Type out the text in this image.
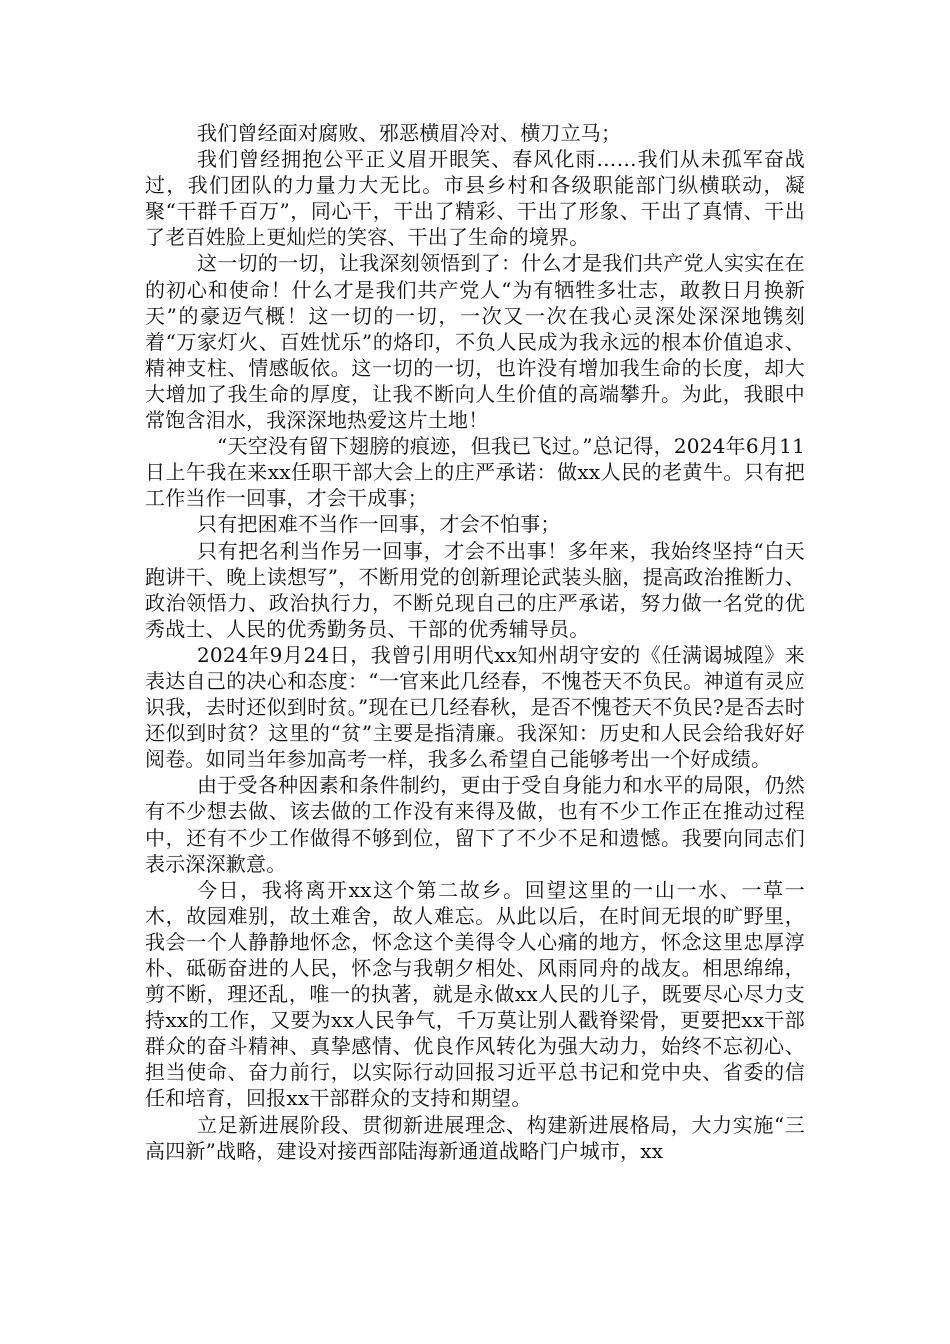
我们曾经面对腐败、邪恶横眉冷对、横刀立马；

我们曾经拥抱公平正义眉开眼笑、春风化雨……我们从未孤军奋战过，我们团队的力量力大无比。市县乡村和各级职能部门纵横联动，凝聚“干群千百万”，同心干，干出了精彩、干出了形象、干出了真情、干出了老百姓脸上更灿烂的笑容、干出了生命的境界。

这一切的一切，让我深刻领悟到了：什么才是我们共产党人实实在在的初心和使命！什么才是我们共产党人“为有牺牲多壮志，敢教日月换新天”的豪迈气概！这一切的一切，一次又一次在我心灵深处深深地镌刻着“万家灯火、百姓忧乐”的烙印，不负人民成为我永远的根本价值追求、精神支柱、情感皈依。这一切的一切，也许没有增加我生命的长度，却大大增加了我生命的厚度，让我不断向人生价值的高端攀升。为此，我眼中常饱含泪水，我深深地热爱这片土地！

“天空没有留下翅膀的痕迹，但我已飞过。”总记得，2024年6月11日上午我在来xx任职干部大会上的庄严承诺：做xx人民的老黄牛。只有把工作当作一回事，才会干成事；

只有把困难不当作一回事，才会不怕事；

只有把名利当作另一回事，才会不出事！多年来，我始终坚持“白天跑讲干、晚上读想写”，不断用党的创新理论武装头脑，提高政治推断力、政治领悟力、政治执行力，不断兑现自己的庄严承诺，努力做一名党的优秀战士、人民的优秀勤务员、干部的优秀辅导员。

2024年9月24日，我曾引用明代xx知州胡守安的《任满谒城隍》来表达自己的决心和态度：“一官来此几经春，不愧苍天不负民。神道有灵应识我，去时还似到时贫。”现在已几经春秋，是否不愧苍天不负民?是否去时还似到时贫？这里的“贫”主要是指清廉。我深知：历史和人民会给我好好阅卷。如同当年参加高考一样，我多么希望自己能够考出一个好成绩。

由于受各种因素和条件制约，更由于受自身能力和水平的局限，仍然有不少想去做、该去做的工作没有来得及做，也有不少工作正在推动过程中，还有不少工作做得不够到位，留下了不少不足和遗憾。我要向同志们表示深深歉意。

今日，我将离开xx这个第二故乡。回望这里的一山一水、一草一木，故园难别，故土难舍，故人难忘。从此以后，在时间无垠的旷野里，我会一个人静静地怀念，怀念这个美得令人心痛的地方，怀念这里忠厚淳朴、砥砺奋进的人民，怀念与我朝夕相处、风雨同舟的战友。相思绵绵，剪不断，理还乱，唯一的执著，就是永做xx人民的儿子，既要尽心尽力支持xx的工作，又要为xx人民争气，千万莫让别人戳脊梁骨，更要把xx干部群众的奋斗精神、真挚感情、优良作风转化为强大动力，始终不忘初心、担当使命、奋力前行，以实际行动回报习近平总书记和党中央、省委的信任和培育，回报xx干部群众的支持和期望。

立足新进展阶段、贯彻新进展理念、构建新进展格局，大力实施“三高四新”战略，建设对接西部陆海新通道战略门户城市，xx
